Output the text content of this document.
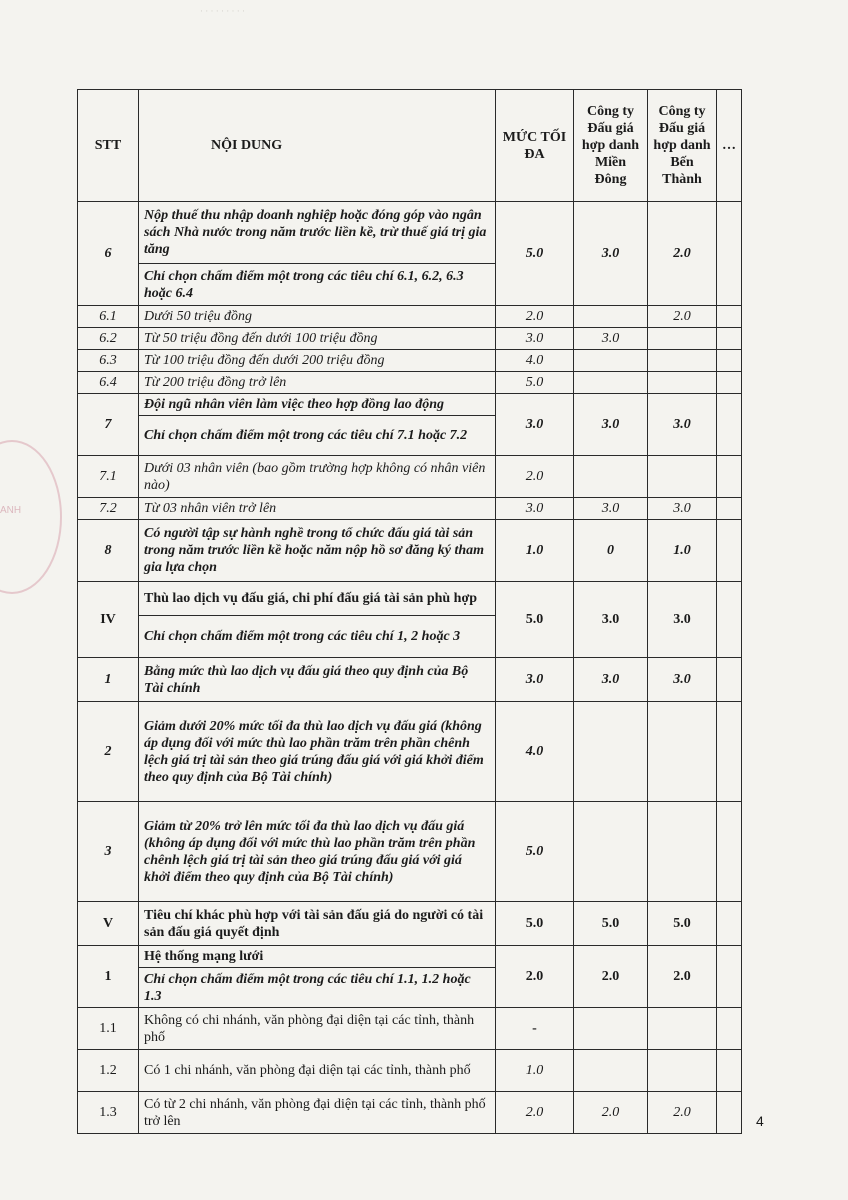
· · · · · · · · ·
ANH
STT	NỘI DUNG	MỨC TỐI ĐA	Công ty Đấu giá hợp danh Miền Đông	Công ty Đấu giá hợp danh Bến Thành	…
6	Nộp thuế thu nhập doanh nghiệp hoặc đóng góp vào ngân sách Nhà nước trong năm trước liền kề, trừ thuế giá trị gia tăng	5.0	3.0	2.0	
	Chỉ chọn chấm điểm một trong các tiêu chí 6.1, 6.2, 6.3 hoặc 6.4				
6.1	Dưới 50 triệu đồng	2.0		2.0	
6.2	Từ 50 triệu đồng đến dưới 100 triệu đồng	3.0	3.0		
6.3	Từ 100 triệu đồng đến dưới 200 triệu đồng	4.0			
6.4	Từ 200 triệu đồng trở lên	5.0			
7	Đội ngũ nhân viên làm việc theo hợp đồng lao động	3.0	3.0	3.0	
	Chỉ chọn chấm điểm một trong các tiêu chí 7.1 hoặc 7.2				
7.1	Dưới 03 nhân viên (bao gồm trường hợp không có nhân viên nào)	2.0			
7.2	Từ 03 nhân viên trở lên	3.0	3.0	3.0	
8	Có người tập sự hành nghề trong tổ chức đấu giá tài sản trong năm trước liền kề hoặc năm nộp hồ sơ đăng ký tham gia lựa chọn	1.0	0	1.0	
IV	Thù lao dịch vụ đấu giá, chi phí đấu giá tài sản phù hợp	5.0	3.0	3.0	
	Chỉ chọn chấm điểm một trong các tiêu chí 1, 2 hoặc 3				
1	Bằng mức thù lao dịch vụ đấu giá theo quy định của Bộ Tài chính	3.0	3.0	3.0	
2	Giảm dưới 20% mức tối đa thù lao dịch vụ đấu giá (không áp dụng đối với mức thù lao phần trăm trên phần chênh lệch giá trị tài sản theo giá trúng đấu giá với giá khởi điểm theo quy định của Bộ Tài chính)	4.0			
3	Giảm từ 20% trở lên mức tối đa thù lao dịch vụ đấu giá (không áp dụng đối với mức thù lao phần trăm trên phần chênh lệch giá trị tài sản theo giá trúng đấu giá với giá khởi điểm theo quy định của Bộ Tài chính)	5.0			
V	Tiêu chí khác phù hợp với tài sản đấu giá do người có tài sản đấu giá quyết định	5.0	5.0	5.0	
1	Hệ thống mạng lưới	2.0	2.0	2.0	
	Chỉ chọn chấm điểm một trong các tiêu chí 1.1, 1.2 hoặc 1.3				
1.1	Không có chi nhánh, văn phòng đại diện tại các tỉnh, thành phố	-			
1.2	Có 1 chi nhánh, văn phòng đại diện tại các tỉnh, thành phố	1.0			
1.3	Có từ 2 chi nhánh, văn phòng đại diện tại các tỉnh, thành phố trở lên	2.0	2.0	2.0	
4
